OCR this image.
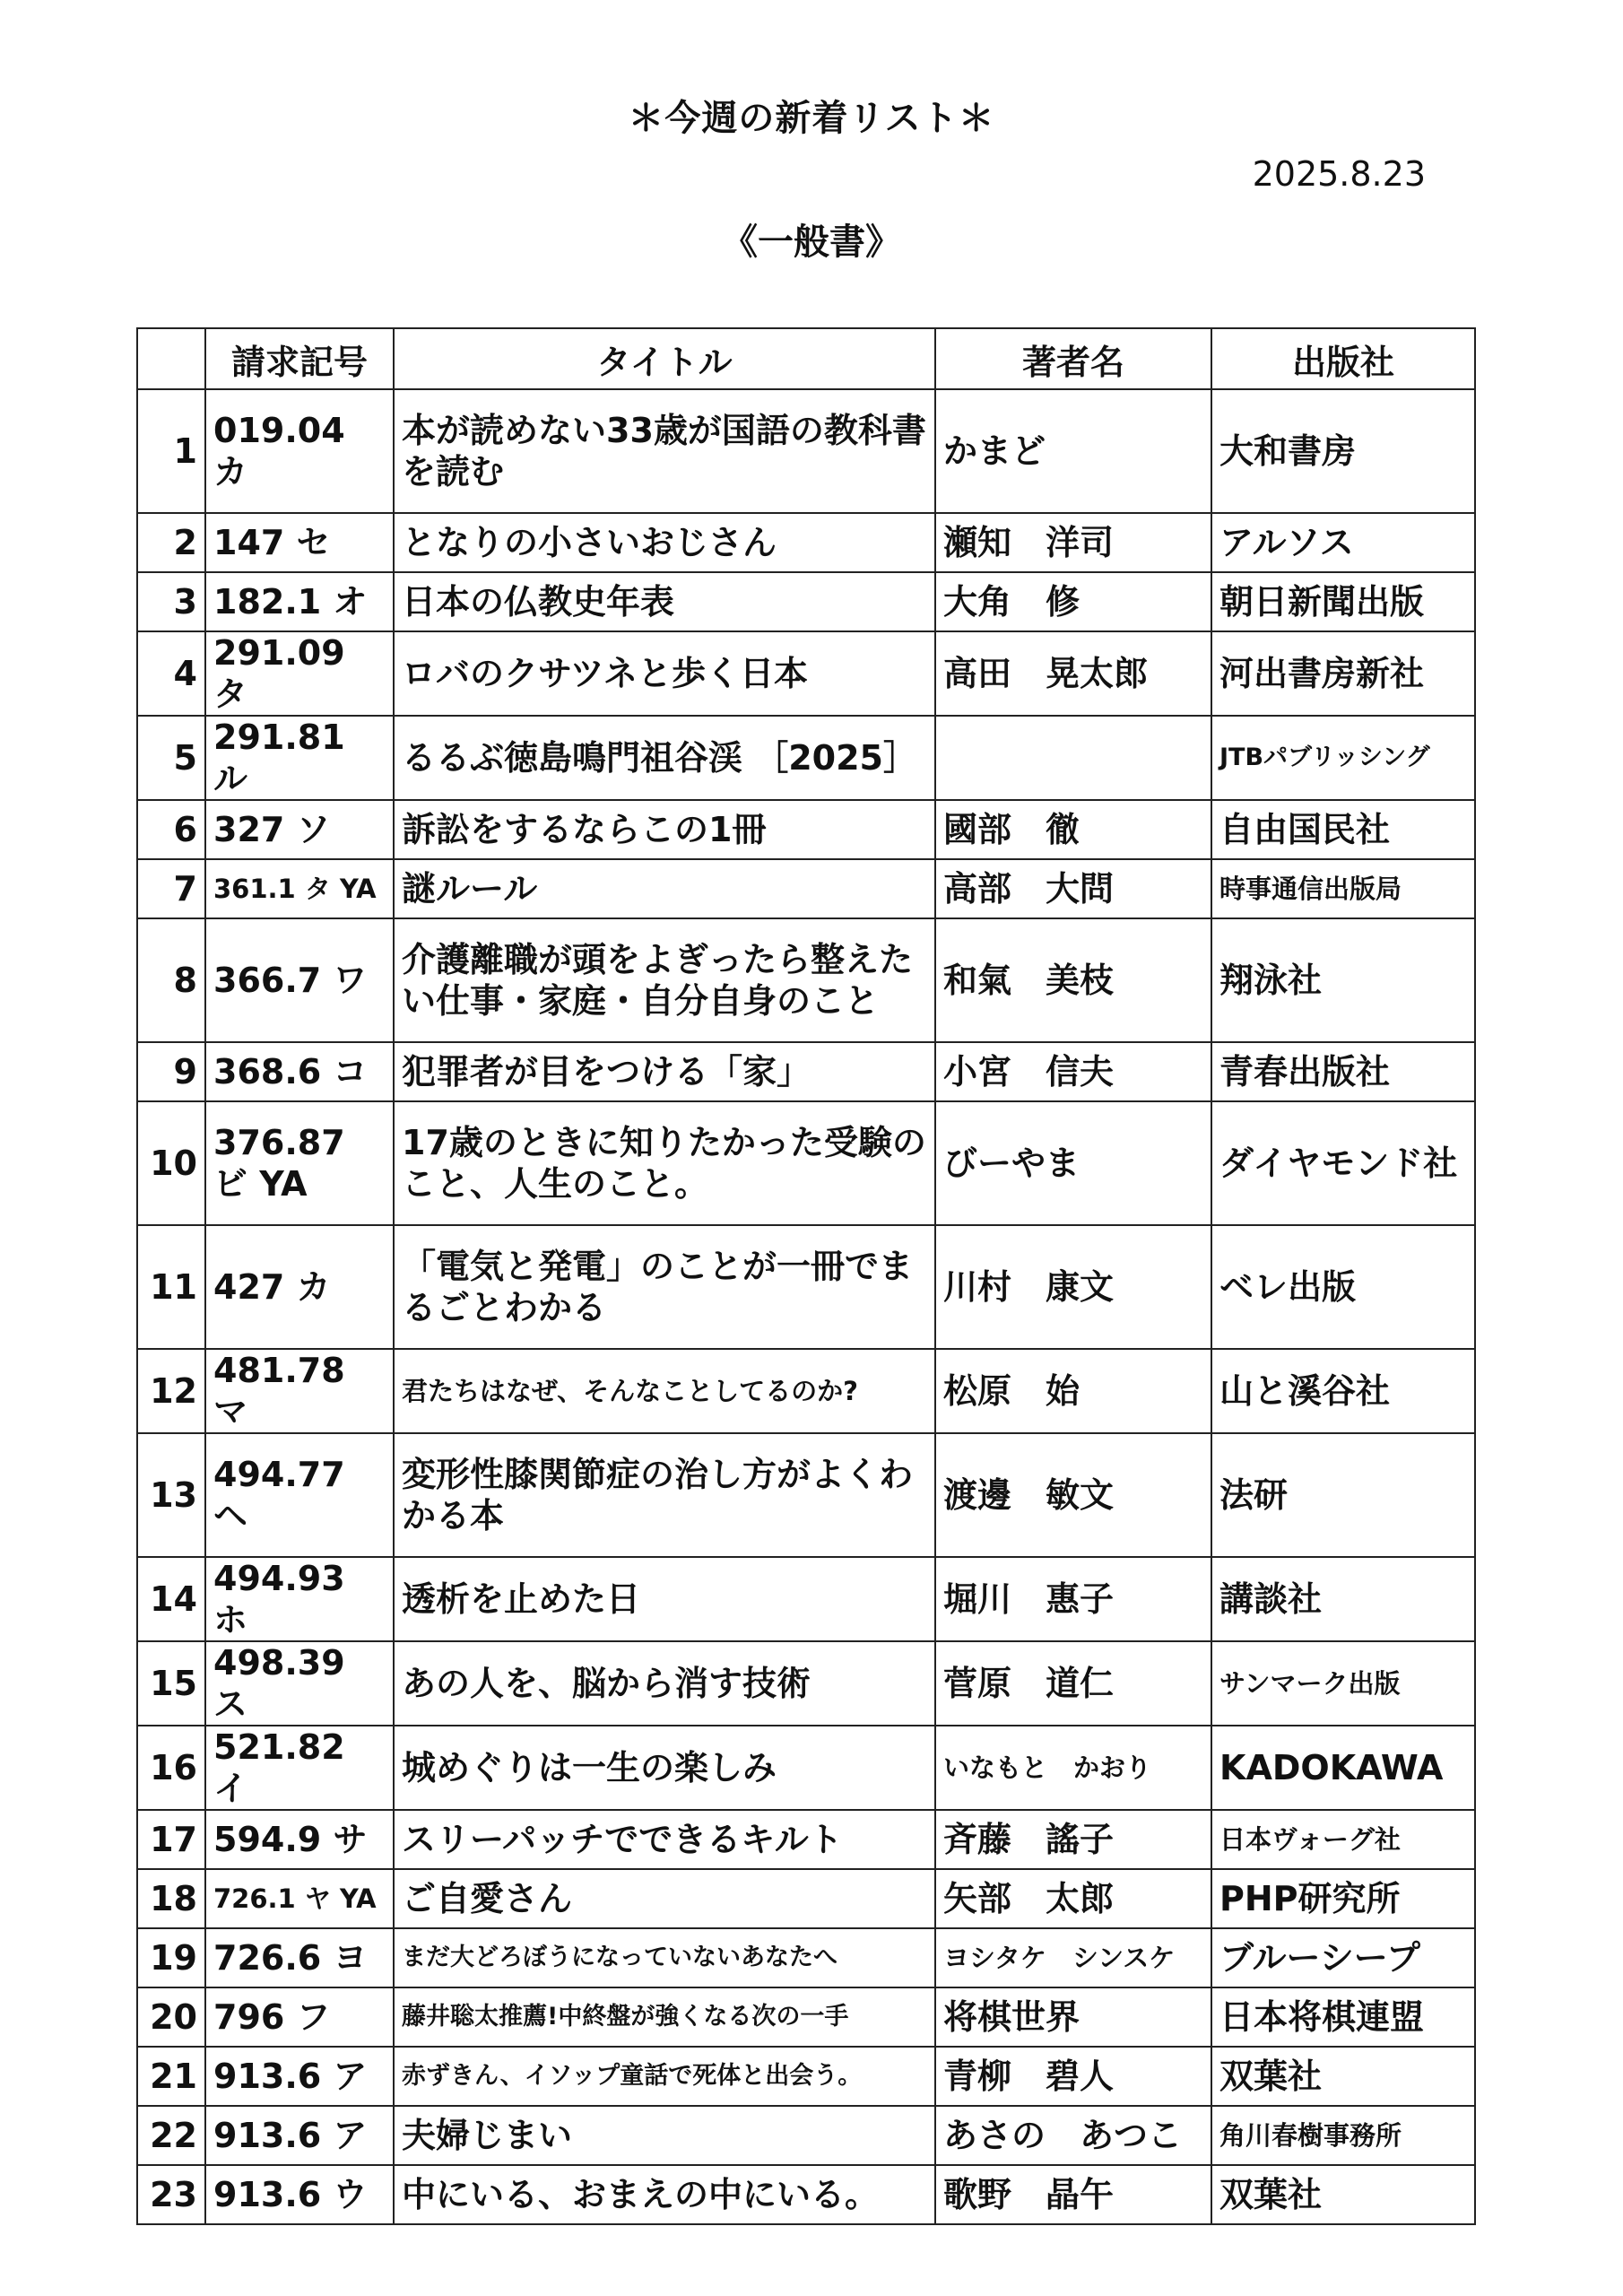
＊今週の新着リスト＊
2025.8.23
《一般書》
	請求記号	タイトル	著者名	出版社
1	019.04 カ	本が読めない33歳が国語の教科書を読む	かまど	大和書房
2	147 セ	となりの小さいおじさん	瀬知　洋司	アルソス
3	182.1 オ	日本の仏教史年表	大角　修	朝日新聞出版
4	291.09 タ	ロバのクサツネと歩く日本	高田　晃太郎	河出書房新社
5	291.81 ル	るるぶ徳島鳴門祖谷渓 ［2025］		JTBパブリッシング
6	327 ソ	訴訟をするならこの1冊	國部　徹	自由国民社
7	361.1 タ YA	謎ルール	高部　大問	時事通信出版局
8	366.7 ワ	介護離職が頭をよぎったら整えたい仕事・家庭・自分自身のこと	和氣　美枝	翔泳社
9	368.6 コ	犯罪者が目をつける「家」	小宮　信夫	青春出版社
10	376.87 ビ YA	17歳のときに知りたかった受験のこと、人生のこと。	びーやま	ダイヤモンド社
11	427 カ	「電気と発電」のことが一冊でまるごとわかる	川村　康文	ベレ出版
12	481.78 マ	君たちはなぜ、そんなことしてるのか?	松原　始	山と溪谷社
13	494.77 ヘ	変形性膝関節症の治し方がよくわかる本	渡邊　敏文	法研
14	494.93 ホ	透析を止めた日	堀川　惠子	講談社
15	498.39 ス	あの人を、脳から消す技術	菅原　道仁	サンマーク出版
16	521.82 イ	城めぐりは一生の楽しみ	いなもと　かおり	KADOKAWA
17	594.9 サ	スリーパッチでできるキルト	斉藤　謠子	日本ヴォーグ社
18	726.1 ヤ YA	ご自愛さん	矢部　太郎	PHP研究所
19	726.6 ヨ	まだ大どろぼうになっていないあなたへ	ヨシタケ　シンスケ	ブルーシープ
20	796 フ	藤井聡太推薦!中終盤が強くなる次の一手	将棋世界	日本将棋連盟
21	913.6 ア	赤ずきん、イソップ童話で死体と出会う。	青柳　碧人	双葉社
22	913.6 ア	夫婦じまい	あさの　あつこ	角川春樹事務所
23	913.6 ウ	中にいる、おまえの中にいる。	歌野　晶午	双葉社
